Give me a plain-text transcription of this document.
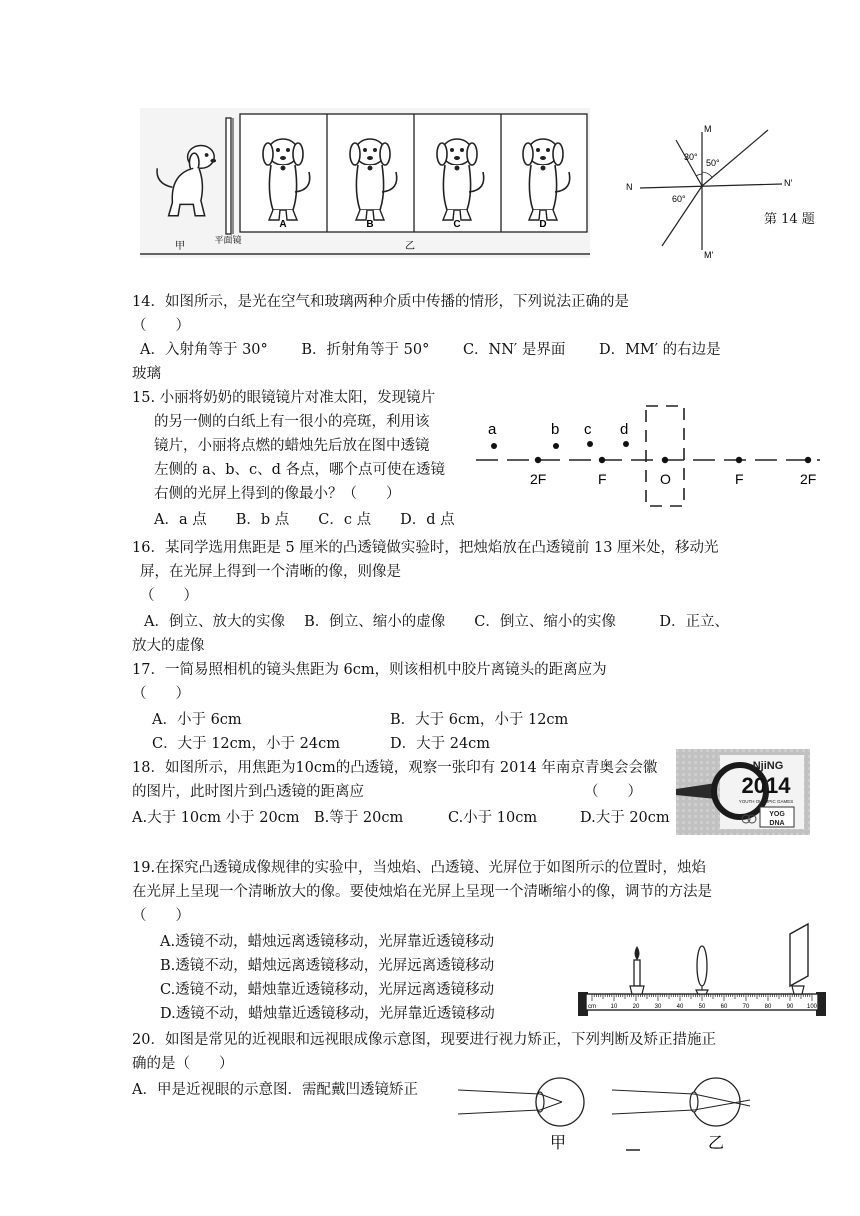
甲
平面镜
乙
A	B	C	D
M
M'
N	N'
30°
50°
60°
第 14 题
14．如图所示，是光在空气和玻璃两种介质中传播的情形，下列说法正确的是
（　　）
A．入射角等于 30°　　 B．折射角等于 50°　　 C．NN′ 是界面　　 D．MM′ 的右边是
玻璃
15. 小丽将奶奶的眼镜镜片对准太阳，发现镜片
的另一侧的白纸上有一很小的亮斑，利用该
镜片，小丽将点燃的蜡烛先后放在图中透镜
左侧的 a、b、c、d 各点，哪个点可使在透镜
右侧的光屏上得到的像最小？（　　）
A．a 点　　B．b 点　　C．c 点　　D．d 点
a	b c d
2F	F	O	F	2F
16．某同学选用焦距是 5 厘米的凸透镜做实验时，把烛焰放在凸透镜前 13 厘米处，移动光
屏，在光屏上得到一个清晰的像，则像是
（　　）
A．倒立、放大的实像　 B．倒立、缩小的虚像　　C．倒立、缩小的实像　　　D．正立、
放大的虚像
17．一简易照相机的镜头焦距为 6cm，则该相机中胶片离镜头的距离应为
（　　）
A．小于 6cm	B．大于 6cm，小于 12cm
C．大于 12cm，小于 24cm	D．大于 24cm
18．如图所示，用焦距为10cm的凸透镜，观察一张印有 2014 年南京青奥会会徽
的图片，此时图片到凸透镜的距离应	（　　）
A.大于 10cm 小于 20cm B.等于 20cm	C.小于 10cm	D.大于 20cm
NjiNG
2014
YOUTH OLYMPIC GAMES
YOG
DNA
19.在探究凸透镜成像规律的实验中，当烛焰、凸透镜、光屏位于如图所示的位置时，烛焰
在光屏上呈现一个清晰放大的像。要使烛焰在光屏上呈现一个清晰缩小的像，调节的方法是
（　　）
A.透镜不动，蜡烛远离透镜移动，光屏靠近透镜移动
B.透镜不动，蜡烛远离透镜移动，光屏远离透镜移动
C.透镜不动，蜡烛靠近透镜移动，光屏远离透镜移动
D.透镜不动，蜡烛靠近透镜移动，光屏靠近透镜移动	cm 10	20	30	40	50	60	70	80	90 100
20．如图是常见的近视眼和远视眼成像示意图，现要进行视力矫正，下列判断及矫正措施正
确的是（　　）
A．甲是近视眼的示意图．需配戴凹透镜矫正
甲	乙
